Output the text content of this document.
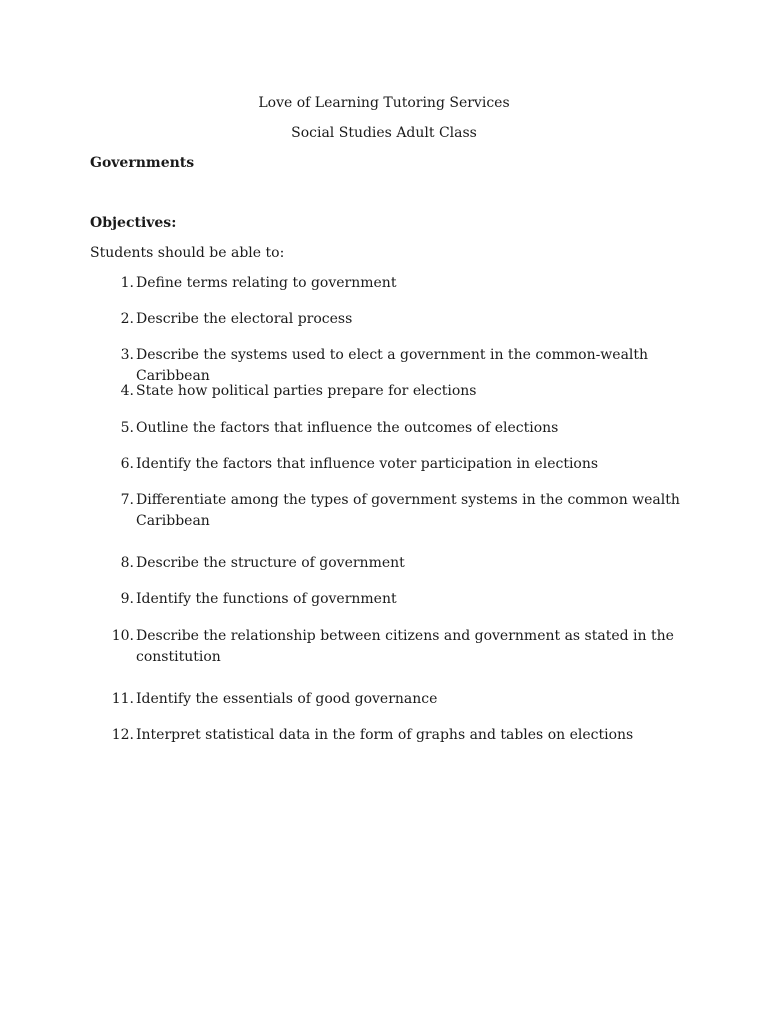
Love of Learning Tutoring Services
Social Studies Adult Class
Governments
Objectives:
Students should be able to:
1. Define terms relating to government
2. Describe the electoral process
3. Describe the systems used to elect a government in the common-wealth Caribbean
4. State how political parties prepare for elections
5. Outline the factors that influence the outcomes of elections
6. Identify the factors that influence voter participation in elections
7. Differentiate among the types of government systems in the common wealth Caribbean
8. Describe the structure of government
9. Identify the functions of government
10. Describe the relationship between citizens and government as stated in the constitution
11. Identify the essentials of good governance
12. Interpret statistical data in the form of graphs and tables on elections
